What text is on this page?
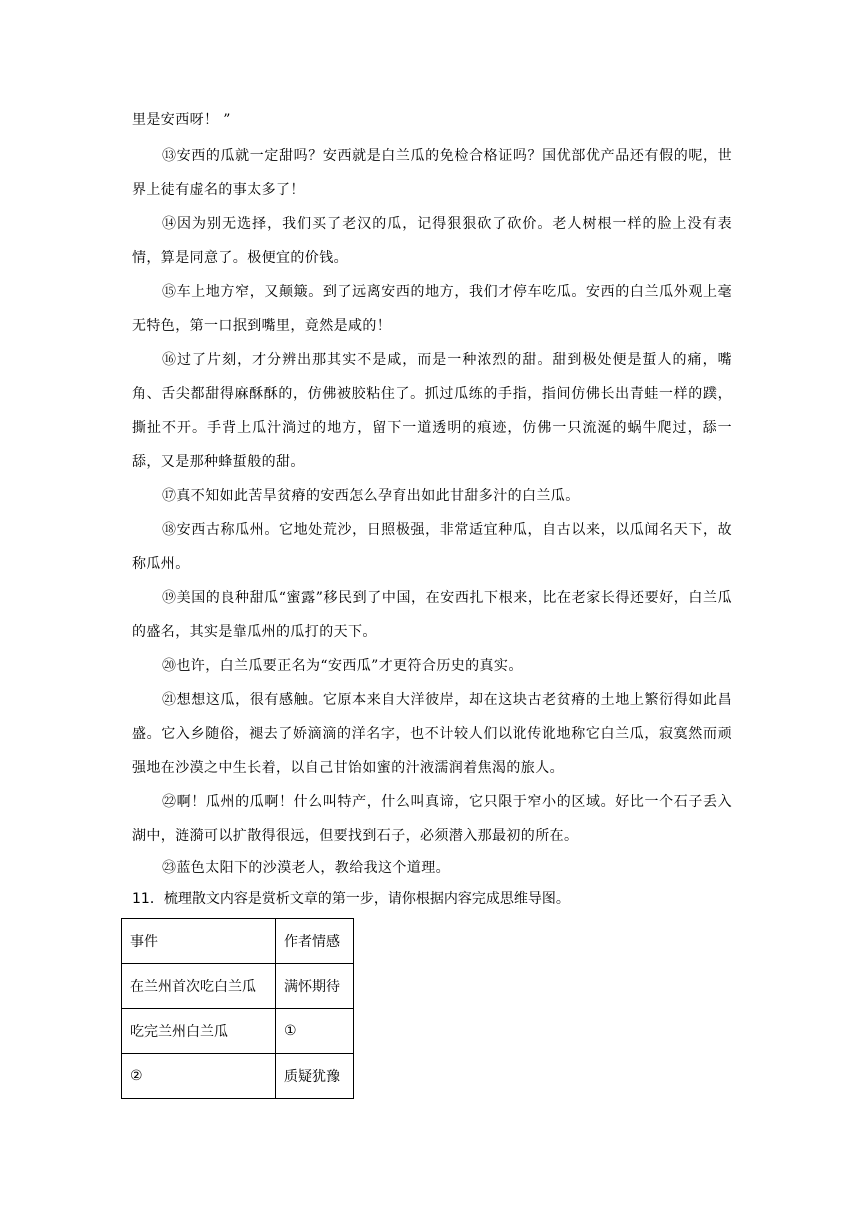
里是安西呀！ ”

⑬安西的瓜就一定甜吗？安西就是白兰瓜的免检合格证吗？国优部优产品还有假的呢，世界上徒有虚名的事太多了！

⑭因为别无选择，我们买了老汉的瓜，记得狠狠砍了砍价。老人树根一样的脸上没有表情，算是同意了。极便宜的价钱。

⑮车上地方窄，又颠簸。到了远离安西的地方，我们才停车吃瓜。安西的白兰瓜外观上毫无特色，第一口抿到嘴里，竟然是咸的！

⑯过了片刻，才分辨出那其实不是咸，而是一种浓烈的甜。甜到极处便是蜇人的痛，嘴角、舌尖都甜得麻酥酥的，仿佛被胶粘住了。抓过瓜练的手指，指间仿佛长出青蛙一样的蹼，撕扯不开。手背上瓜汁淌过的地方，留下一道透明的痕迹，仿佛一只流涎的蜗牛爬过，舔一舔，又是那种蜂蜇般的甜。

⑰真不知如此苦旱贫瘠的安西怎么孕育出如此甘甜多汁的白兰瓜。

⑱安西古称瓜州。它地处荒沙，日照极强，非常适宜种瓜，自古以来，以瓜闻名天下，故称瓜州。

⑲美国的良种甜瓜“蜜露”移民到了中国，在安西扎下根来，比在老家长得还要好，白兰瓜的盛名，其实是靠瓜州的瓜打的天下。

⑳也许，白兰瓜要正名为“安西瓜”才更符合历史的真实。

㉑想想这瓜，很有感触。它原本来自大洋彼岸，却在这块古老贫瘠的土地上繁衍得如此昌盛。它入乡随俗，褪去了娇滴滴的洋名字，也不计较人们以讹传讹地称它白兰瓜，寂寞然而顽强地在沙漠之中生长着，以自己甘饴如蜜的汁液濡润着焦渴的旅人。

㉒啊！瓜州的瓜啊！什么叫特产，什么叫真谛，它只限于窄小的区域。好比一个石子丢入湖中，涟漪可以扩散得很远，但要找到石子，必须潜入那最初的所在。

㉓蓝色太阳下的沙漠老人，教给我这个道理。

11．梳理散文内容是赏析文章的第一步，请你根据内容完成思维导图。

事件	作者情感
在兰州首次吃白兰瓜	满怀期待
吃完兰州白兰瓜	①
②	质疑犹豫
